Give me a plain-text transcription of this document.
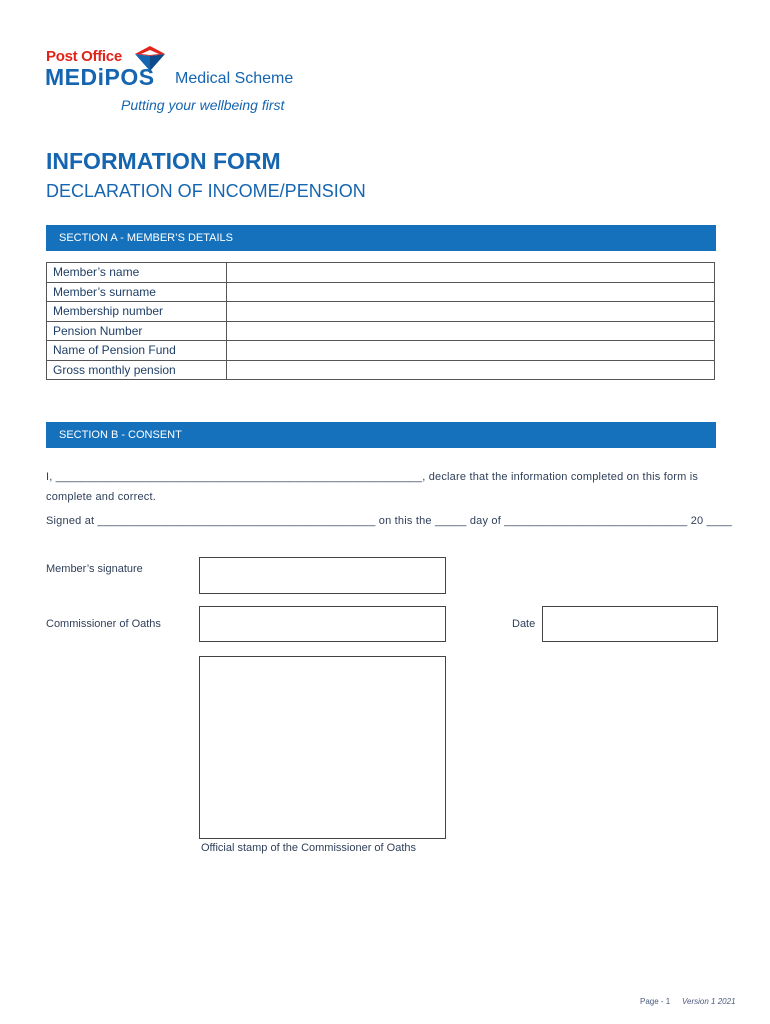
Post Office
MEDiPOS Medical Scheme
Putting your wellbeing first
INFORMATION FORM
DECLARATION OF INCOME/PENSION
SECTION A - MEMBER’S DETAILS
Member’s name	
Member’s surname	
Membership number	
Pension Number	
Name of Pension Fund	
Gross monthly pension	
SECTION B - CONSENT
I, __________________________________________________________, declare that the information completed on this form is
complete and correct.
Signed at ____________________________________________ on this the _____ day of _____________________________ 20 ____
Member’s signature
Commissioner of Oaths	Date
Official stamp of the Commissioner of Oaths
Page - 1 Version 1 2021
